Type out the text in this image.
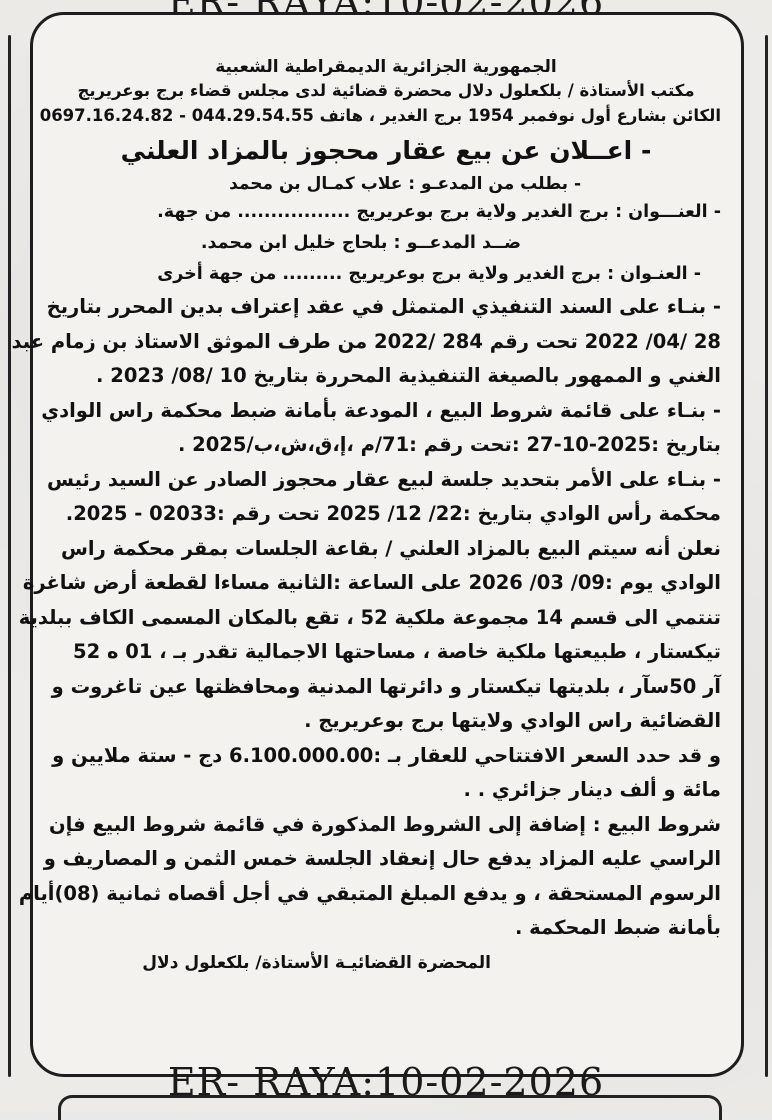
الجمهورية الجزائرية الديمقراطية الشعبية
مكتب الأستاذة / بلكعلول دلال محضرة قضائية لدى مجلس قضاء برج بوعريريج
الكائن بشارع أول نوفمبر 1954 برج الغدير ، هاتف 044.29.54.55 - 0697.16.24.82
- اعــلان عن بيع عقار محجوز بالمزاد العلني
- بطلب من المدعـو : علاب كمـال بن محمد
- العنـــوان : برج الغدير ولاية برج بوعريريج ................. من جهة.
ضــد المدعــو : بلحاج خليل ابن محمد.
- العنـوان : برج الغدير ولاية برج بوعريريج ......... من جهة أخرى
- بنـاء على السند التنفيذي المتمثل في عقد إعتراف بدين المحرر بتاريخ
28 /04/ 2022 تحت رقم 284 /2022 من طرف الموثق الاستاذ بن زمام عبد
الغني و الممهور بالصيغة التنفيذية المحررة بتاريخ 10 /08/ 2023 .
- بنـاء على قائمة شروط البيع ، المودعة بأمانة ضبط محكمة راس الوادي
بتاريخ :2025-10-27 :تحت رقم :71/م ،إ،ق،ش،ب/2025 .
- بنـاء على الأمر بتحديد جلسة لبيع عقار محجوز الصادر عن السيد رئيس
محكمة رأس الوادي بتاريخ :22/ 12/ 2025 تحت رقم :02033 - 2025.
نعلن أنه سيتم البيع بالمزاد العلني / بقاعة الجلسات بمقر محكمة راس
الوادي يوم :09/ 03/ 2026 على الساعة :الثانية مساءا لقطعة أرض شاغرة
تنتمي الى قسم 14 مجموعة ملكية 52 ، تقع بالمكان المسمى الكاف ببلدية
تيكستار ، طبيعتها ملكية خاصة ، مساحتها الاجمالية تقدر بـ ، 01 ه 52
آر 50سآر ، بلديتها تيكستار و دائرتها المدنية ومحافظتها عين تاغروت و
القضائية راس الوادي ولايتها برج بوعريريج .
و قد حدد السعر الافتتاحي للعقار بـ :6.100.000.00 دج - ستة ملايين و
مائة و ألف دينار جزائري . .
شروط البيع : إضافة إلى الشروط المذكورة في قائمة شروط البيع فإن
الراسي عليه المزاد يدفع حال إنعقاد الجلسة خمس الثمن و المصاريف و
الرسوم المستحقة ، و يدفع المبلغ المتبقي في أجل أقصاه ثمانية (08)أيام
بأمانة ضبط المحكمة .
المحضرة القضائيـة الأستاذة/ بلكعلول دلال
ER- RAYA:10-02-2026
